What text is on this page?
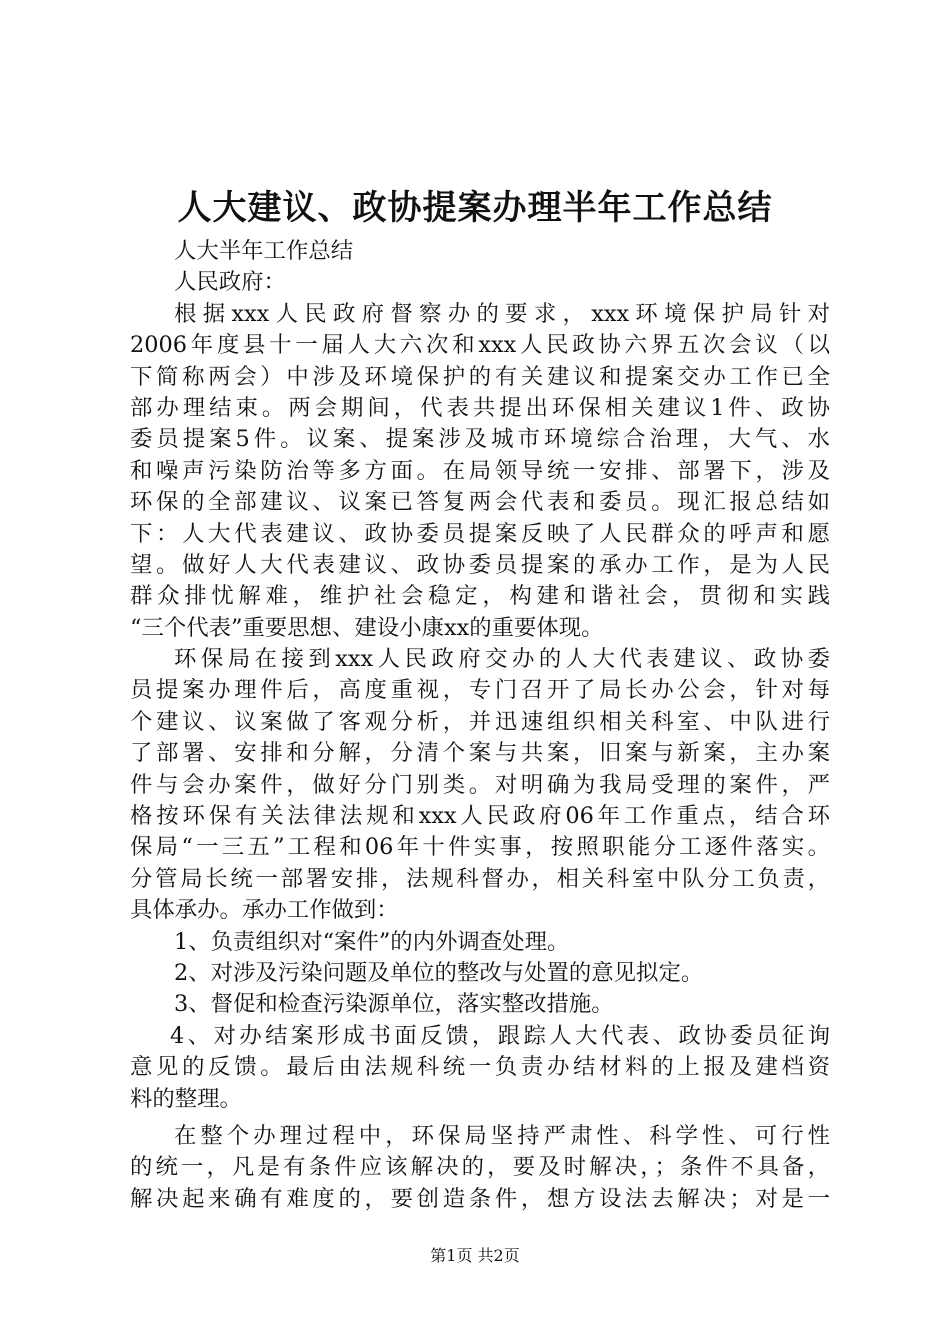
人大建议、政协提案办理半年工作总结
人大半年工作总结
人民政府：
根据xxx人民政府督察办的要求，xxx环境保护局针对
2006年度县十一届人大六次和xxx人民政协六界五次会议（以
下简称两会）中涉及环境保护的有关建议和提案交办工作已全
部办理结束。两会期间，代表共提出环保相关建议1件、政协
委员提案5件。议案、提案涉及城市环境综合治理，大气、水
和噪声污染防治等多方面。在局领导统一安排、部署下，涉及
环保的全部建议、议案已答复两会代表和委员。现汇报总结如
下：人大代表建议、政协委员提案反映了人民群众的呼声和愿
望。做好人大代表建议、政协委员提案的承办工作，是为人民
群众排忧解难，维护社会稳定，构建和谐社会，贯彻和实践
“三个代表”重要思想、建设小康xx的重要体现。
环保局在接到xxx人民政府交办的人大代表建议、政协委
员提案办理件后，高度重视，专门召开了局长办公会，针对每
个建议、议案做了客观分析，并迅速组织相关科室、中队进行
了部署、安排和分解，分清个案与共案，旧案与新案，主办案
件与会办案件，做好分门别类。对明确为我局受理的案件，严
格按环保有关法律法规和xxx人民政府06年工作重点，结合环
保局“一三五”工程和06年十件实事，按照职能分工逐件落实。
分管局长统一部署安排，法规科督办，相关科室中队分工负责，
具体承办。承办工作做到：
1、负责组织对“案件”的内外调查处理。
2、对涉及污染问题及单位的整改与处置的意见拟定。
3、督促和检查污染源单位，落实整改措施。
4、对办结案形成书面反馈，跟踪人大代表、政协委员征询
意见的反馈。最后由法规科统一负责办结材料的上报及建档资
料的整理。
在整个办理过程中，环保局坚持严肃性、科学性、可行性
的统一，凡是有条件应该解决的，要及时解决，；条件不具备，
解决起来确有难度的，要创造条件，想方设法去解决；对是一
第1页 共2页
